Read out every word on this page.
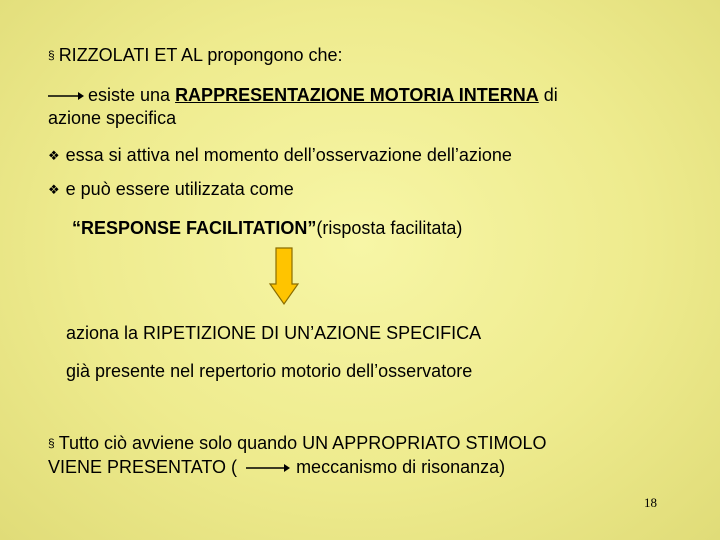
§ RIZZOLATI ET AL propongono che:
esiste una RAPPRESENTAZIONE MOTORIA INTERNA di
azione specifica
❖ essa si attiva nel momento dell’osservazione dell’azione
❖ e può essere utilizzata come
“RESPONSE FACILITATION”(risposta facilitata)
aziona la RIPETIZIONE DI UN’AZIONE SPECIFICA
già presente nel repertorio motorio dell’osservatore
§ Tutto ciò avviene solo quando UN APPROPRIATO STIMOLO
VIENE PRESENTATO (	meccanismo di risonanza)
18
